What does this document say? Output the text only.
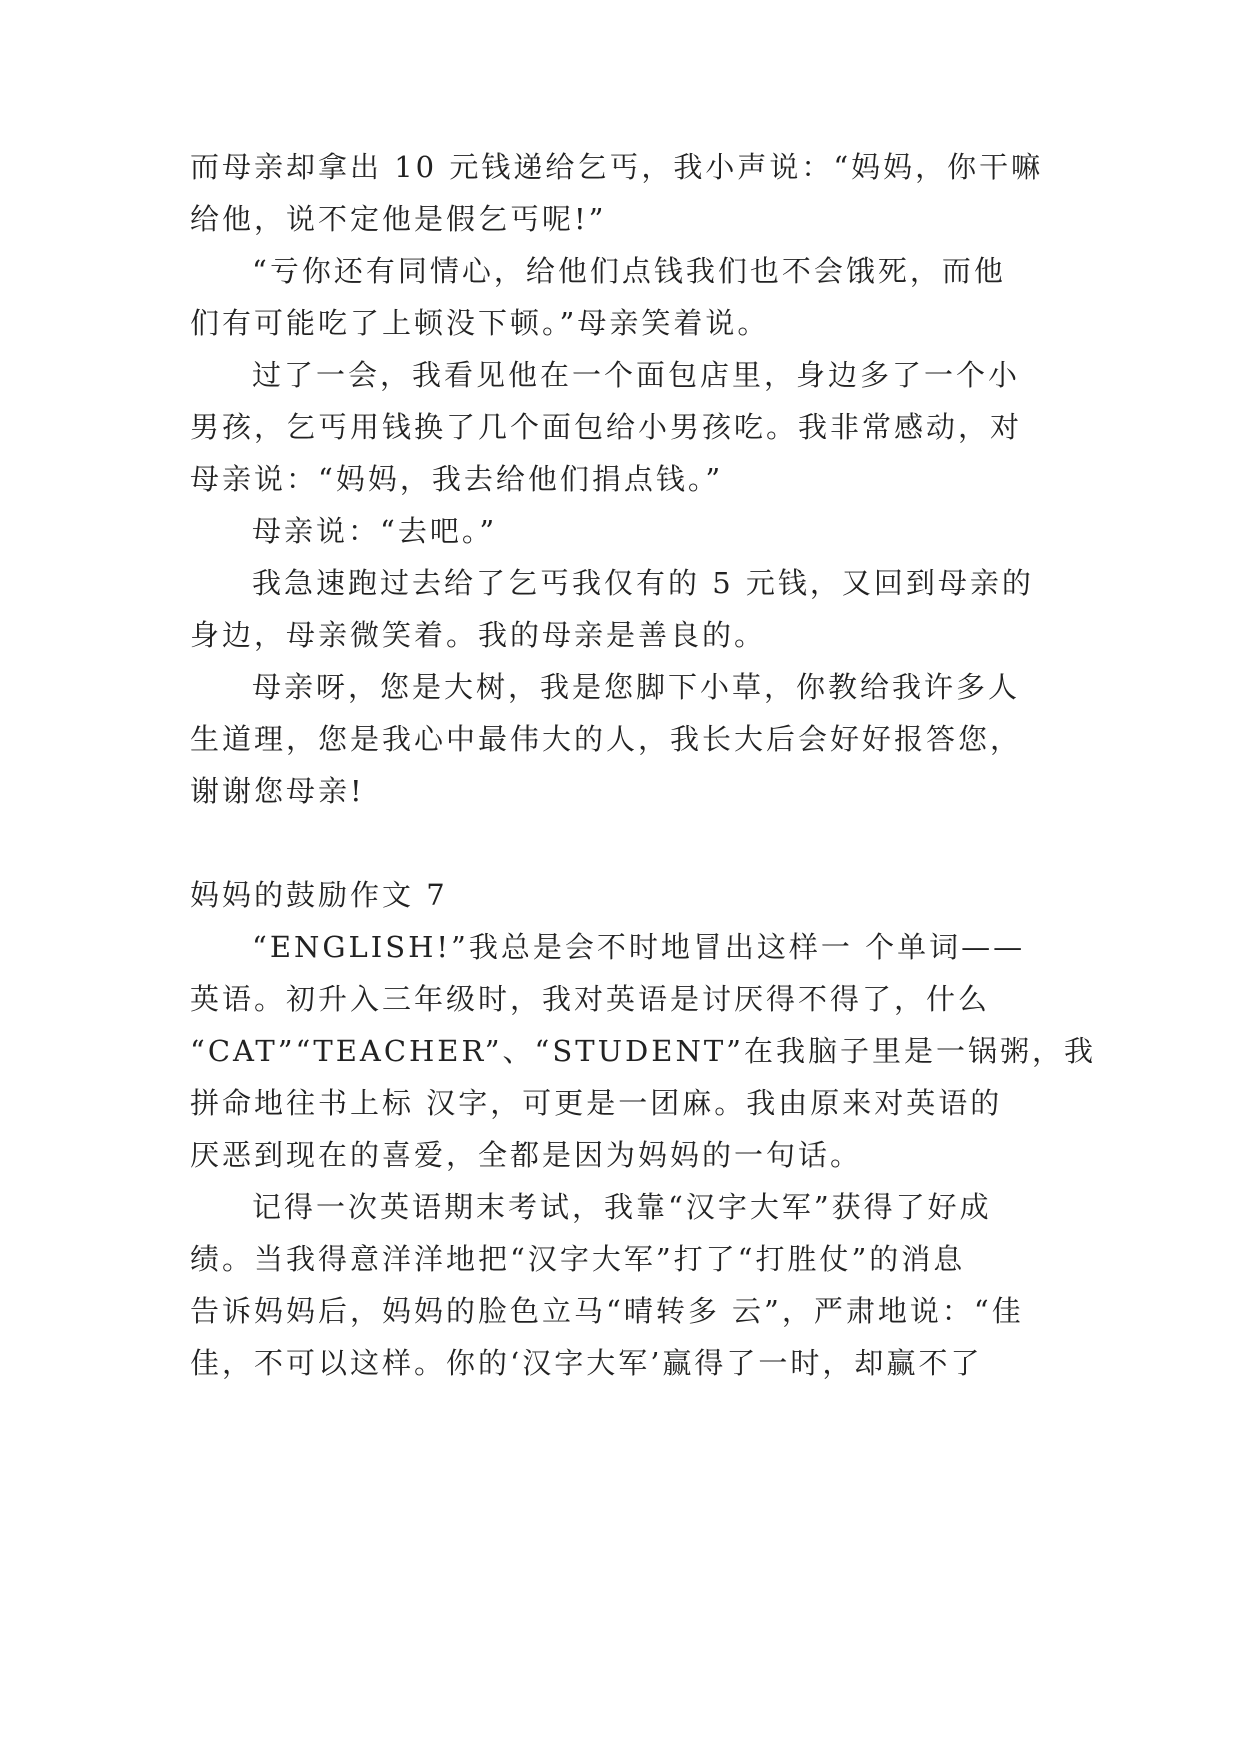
而母亲却拿出 10 元钱递给乞丐，我小声说：“妈妈，你干嘛
给他，说不定他是假乞丐呢!”
“亏你还有同情心，给他们点钱我们也不会饿死，而他
们有可能吃了上顿没下顿。”母亲笑着说。
过了一会，我看见他在一个面包店里，身边多了一个小
男孩，乞丐用钱换了几个面包给小男孩吃。我非常感动，对
母亲说：“妈妈，我去给他们捐点钱。”
母亲说：“去吧。”
我急速跑过去给了乞丐我仅有的 5 元钱，又回到母亲的
身边，母亲微笑着。我的母亲是善良的。
母亲呀，您是大树，我是您脚下小草，你教给我许多人
生道理，您是我心中最伟大的人，我长大后会好好报答您，
谢谢您母亲!
妈妈的鼓励作文 7
“ENGLISH!”我总是会不时地冒出这样一 个单词——
英语。初升入三年级时，我对英语是讨厌得不得了，什么
“CAT”“TEACHER”、“STUDENT”在我脑子里是一锅粥，我
拼命地往书上标 汉字，可更是一团麻。我由原来对英语的
厌恶到现在的喜爱，全都是因为妈妈的一句话。
记得一次英语期末考试，我靠“汉字大军”获得了好成
绩。当我得意洋洋地把“汉字大军”打了“打胜仗”的消息
告诉妈妈后，妈妈的脸色立马“晴转多 云”，严肃地说：“佳
佳，不可以这样。你的‘汉字大军’赢得了一时，却赢不了
